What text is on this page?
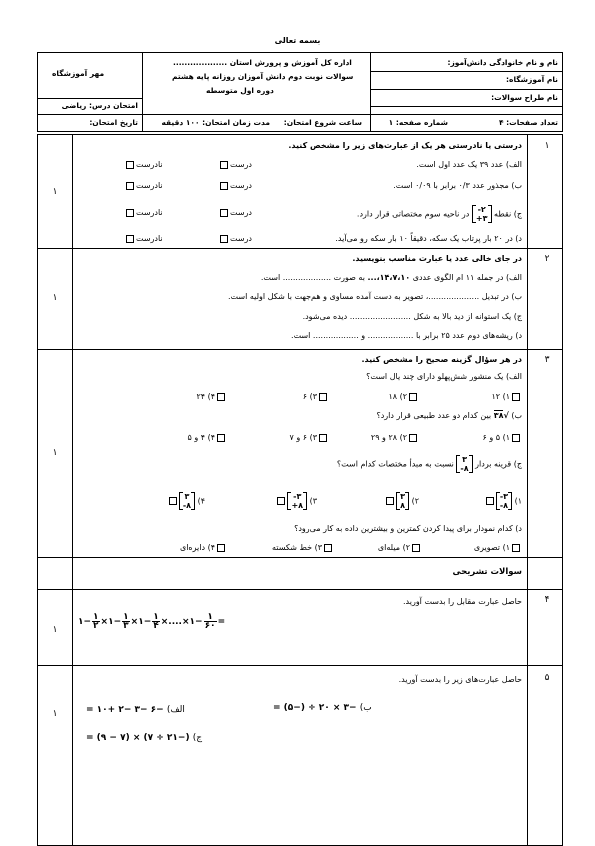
بسمه تعالی
مهر آموزشگاه
اداره کل آموزش و پرورش استان ...................
سوالات نوبت دوم دانش آموزان روزانه پایه هشتم
دوره اول متوسطه
نام و نام خانوادگی دانش‌آموز:
نام آموزشگاه:
نام طراح سوالات:
امتحان درس: ریاضی
تعداد صفحات: ۴
شماره صفحه: ۱
ساعت شروع امتحان:
مدت زمان امتحان: ۱۰۰ دقیقه
تاریخ امتحان:
۱
۱
درستی یا نادرستی هر یک از عبارت‌های زیر را مشخص کنید.
الف) عدد ۳۹ یک عدد اول است.
ب) مجذور عدد ۰/۳ برابر با ۰/۰۹ است.
ج) نقطه ۲-
۳+ در ناحیه سوم مختصاتی قرار دارد.
د) در ۲۰ بار پرتاب یک سکه، دقیقاً ۱۰ بار سکه رو می‌آید.
درست
نادرست
درست
نادرست
درست
نادرست
درست
نادرست
۲
۱
در جای خالی عدد یا عبارت مناسب بنویسید.
الف) در جمله ۱۱ ام الگوی عددی ۱۴،۷،۱۰،... به صورت ................... است.
ب) در تبدیل ....................، تصویر به دست آمده مساوی و هم‌جهت با شکل اولیه است.
ج) یک استوانه از دید بالا به شکل ........................ دیده می‌شود.
د) ریشه‌های دوم عدد ۲۵ برابر با .................. و .................. است.
۳
۱
در هر سؤال گزینه صحیح را مشخص کنید.
الف) یک منشور شش‌پهلو دارای چند یال است؟
۱) ۱۲
۲) ۱۸
۳) ۶
۴) ۲۴
ب) √۳۸ بین کدام دو عدد طبیعی قرار دارد؟
۱) ۵ و ۶
۲) ۲۸ و ۲۹
۳) ۶ و ۷
۴) ۴ و ۵
ج) قرینه بردار ۳
۸- نسبت به مبدأ مختصات کدام است؟
۱) ۳-
۸-
۲) ۳
۸
۳) ۳-
۸+
۴) ۳
۸-
د) کدام نمودار برای پیدا کردن کمترین و بیشترین داده به کار می‌رود؟
۱) تصویری
۲) میله‌ای
۳) خط شکسته
۴) دایره‌ای
سوالات تشریحی
۴
۱
حاصل عبارت مقابل را بدست آورید.
۱− $\frac{۱}{۲}$ ×۱− $\frac{۱}{۳}$ ×۱− $\frac{۱}{۴}$ ×....×۱− $\frac{۱}{۶۰}$ =
۵
۱
حاصل عبارت‌های زیر را بدست آورید.
= ۱۰+ ۲− ۳− ۶− (الف	= (۵−) ÷ ۲۰ × ۳− (ب
= (۹ − ۷) × (۷ ÷ ۲۱−) (ج
